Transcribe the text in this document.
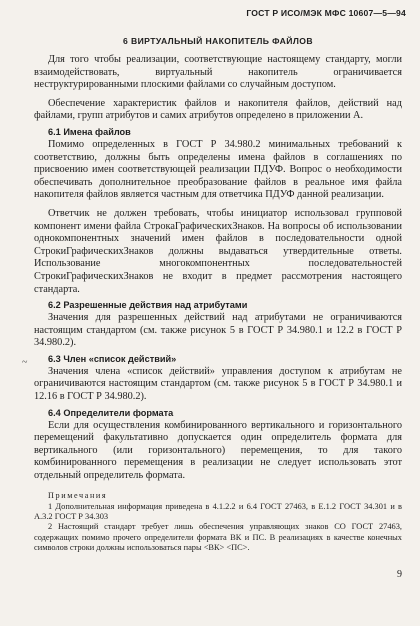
ГОСТ Р ИСО/МЭК МФС 10607—5—94
6 ВИРТУАЛЬНЫЙ НАКОПИТЕЛЬ ФАЙЛОВ

Для того чтобы реализации, соответствующие настоящему стандарту, могли взаимодействовать, виртуальный накопитель ограничивается неструктурированными плоскими файлами со случайным доступом.

Обеспечение характеристик файлов и накопителя файлов, действий над файлами, групп атрибутов и самих атрибутов определено в приложении А.

6.1 Имена файлов

Помимо определенных в ГОСТ Р 34.980.2 минимальных требований к соответствию, должны быть определены имена файлов в соглашениях по присвоению имен соответствующей реализации ПДУФ. Вопрос о необходимости обеспечивать дополнительное преобразование файлов в реальное имя файла накопителя файлов является частным для ответчика ПДУФ данной реализации.

Ответчик не должен требовать, чтобы инициатор использовал групповой компонент имени файла СтрокаГрафическихЗнаков. На вопросы об использовании однокомпонентных значений имен файлов в последовательности одной СтрокиГрафическихЗнаков должны выдаваться утвердительные ответы. Использование многокомпонентных последовательностей СтрокиГрафическихЗнаков не входит в предмет рассмотрения настоящего стандарта.

6.2 Разрешенные действия над атрибутами

Значения для разрешенных действий над атрибутами не ограничиваются настоящим стандартом (см. также рисунок 5 в ГОСТ Р 34.980.1 и 12.2 в ГОСТ Р 34.980.2).

6.3 Член «список действий»

Значения члена «список действий» управления доступом к атрибутам не ограничиваются настоящим стандартом (см. также рисунок 5 в ГОСТ Р 34.980.1 и 12.16 в ГОСТ Р 34.980.2).

6.4 Определители формата

Если для осуществления комбинированного вертикального и горизонтального перемещений факультативно допускается один определитель формата для вертикального (или горизонтального) перемещения, то для такого комбинированного перемещения в реализации не следует использовать этот отдельный определитель формата.

Примечания

1 Дополнительная информация приведена в 4.1.2.2 и 6.4 ГОСТ 27463, в Е.1.2 ГОСТ 34.301 и в А.3.2 ГОСТ Р 34.303

2 Настоящий стандарт требует лишь обеспечения управляющих знаков СО ГОСТ 27463, содержащих помимо прочего определители формата ВК и ПС. В реализациях в качестве конечных символов строки должны использоваться пары <ВК> <ПС>.

~
9
